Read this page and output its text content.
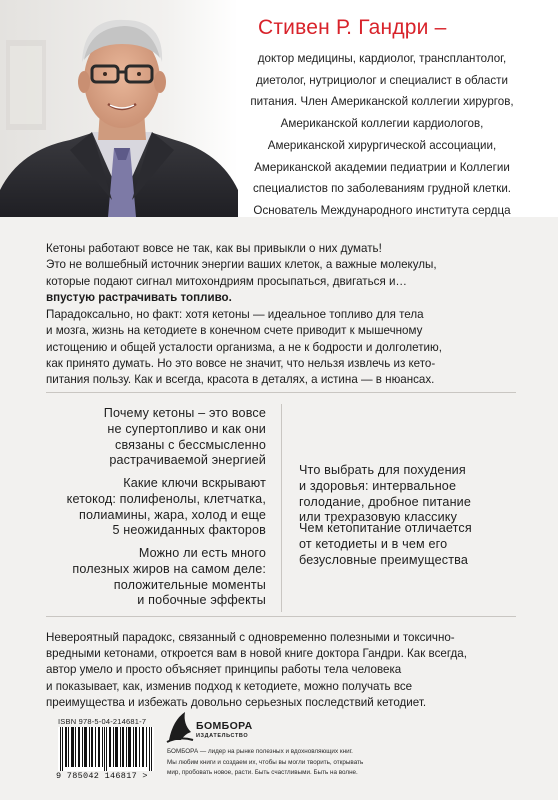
Стивен Р. Гандри –
доктор медицины, кардиолог, трансплантолог,
диетолог, нутрициолог и специалист в области
питания. Член Американской коллегии хирургов,
Американской коллегии кардиологов,
Американской хирургической ассоциации,
Американской академии педиатрии и Коллегии
специалистов по заболеваниям грудной клетки.
Основатель Международного института сердца
Кетоны работают вовсе не так, как вы привыкли о них думать!
Это не волшебный источник энергии ваших клеток, а важные молекулы,
которые подают сигнал митохондриям просыпаться, двигаться и…
впустую растрачивать топливо.
Парадоксально, но факт: хотя кетоны — идеальное топливо для тела
и мозга, жизнь на кетодиете в конечном счете приводит к мышечному
истощению и общей усталости организма, а не к бодрости и долголетию,
как принято думать. Но это вовсе не значит, что нельзя извлечь из кето-
питания пользу. Как и всегда, красота в деталях, а истина — в нюансах.
Почему кетоны – это вовсе
не супертопливо и как они
связаны с бессмысленно
растрачиваемой энергией
Какие ключи вскрывают
кетокод: полифенолы, клетчатка,
полиамины, жара, холод и еще
5 неожиданных факторов
Можно ли есть много
полезных жиров на самом деле:
положительные моменты
и побочные эффекты
Что выбрать для похудения
и здоровья: интервальное
голодание, дробное питание
или трехразовую классику
Чем кетопитание отличается
от кетодиеты и в чем его
безусловные преимущества
Невероятный парадокс, связанный с одновременно полезными и токсично-
вредными кетонами, откроется вам в новой книге доктора Гандри. Как всегда,
автор умело и просто объясняет принципы работы тела человека
и показывает, как, изменив подход к кетодиете, можно получать все
преимущества и избежать довольно серьезных последствий кетодиет.
ISBN 978-5-04-214681-7
9 785042 146817 >
БОМБОРА
ИЗДАТЕЛЬСТВО
БОМБОРА — лидер на рынке полезных и вдохновляющих книг.
Мы любим книги и создаем их, чтобы вы могли творить, открывать
мир, пробовать новое, расти. Быть счастливыми. Быть на волне.
